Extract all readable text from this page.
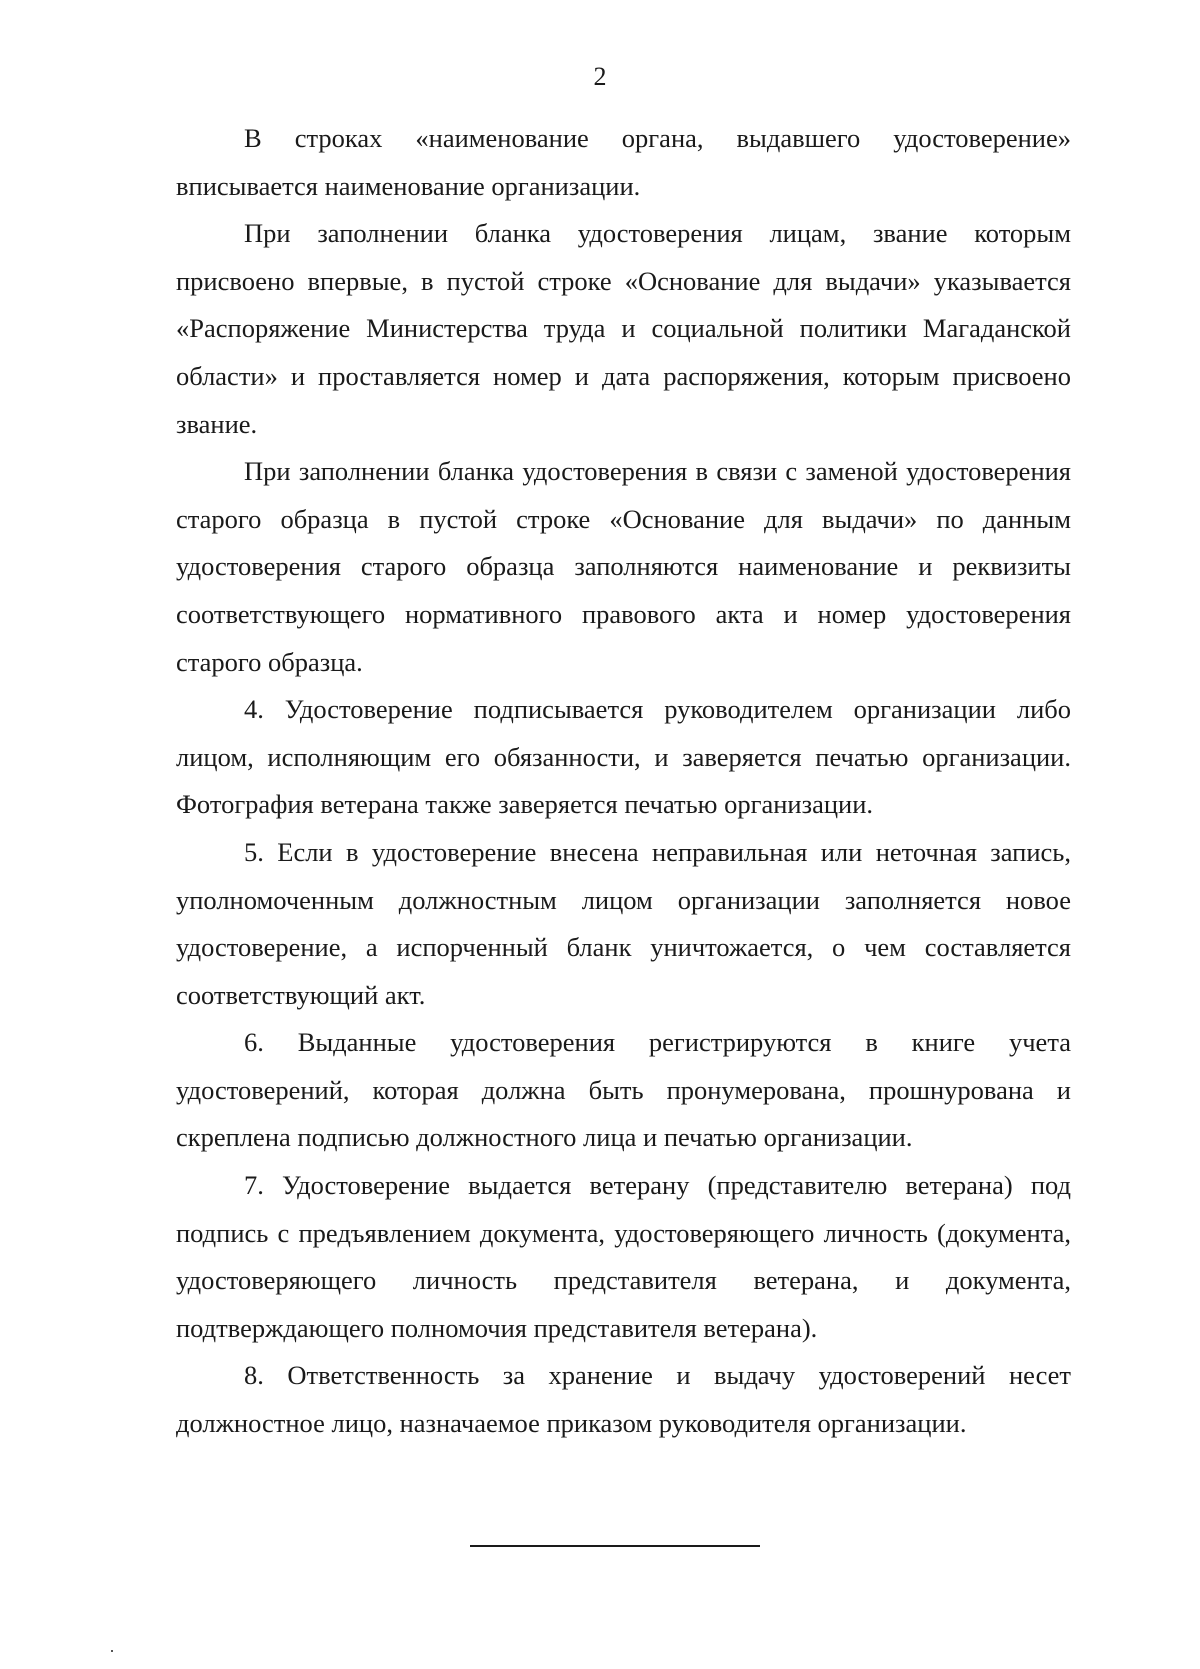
2

В строках «наименование органа, выдавшего удостоверение» вписывается наименование организации.

При заполнении бланка удостоверения лицам, звание которым присвоено впервые, в пустой строке «Основание для выдачи» указывается «Распоряжение Министерства труда и социальной политики Магаданской области» и проставляется номер и дата распоряжения, которым присвоено звание.

При заполнении бланка удостоверения в связи с заменой удостоверения старого образца в пустой строке «Основание для выдачи» по данным удостоверения старого образца заполняются наименование и реквизиты соответствующего нормативного правового акта и номер удостоверения старого образца.

4. Удостоверение подписывается руководителем организации либо лицом, исполняющим его обязанности, и заверяется печатью организации. Фотография ветерана также заверяется печатью организации.

5. Если в удостоверение внесена неправильная или неточная запись, уполномоченным должностным лицом организации заполняется новое удостоверение, а испорченный бланк уничтожается, о чем составляется соответствующий акт.

6. Выданные удостоверения регистрируются в книге учета удостоверений, которая должна быть пронумерована, прошнурована и скреплена подписью должностного лица и печатью организации.

7. Удостоверение выдается ветерану (представителю ветерана) под подпись с предъявлением документа, удостоверяющего личность (документа, удостоверяющего личность представителя ветерана, и документа, подтверждающего полномочия представителя ветерана).

8. Ответственность за хранение и выдачу удостоверений несет должностное лицо, назначаемое приказом руководителя организации.
